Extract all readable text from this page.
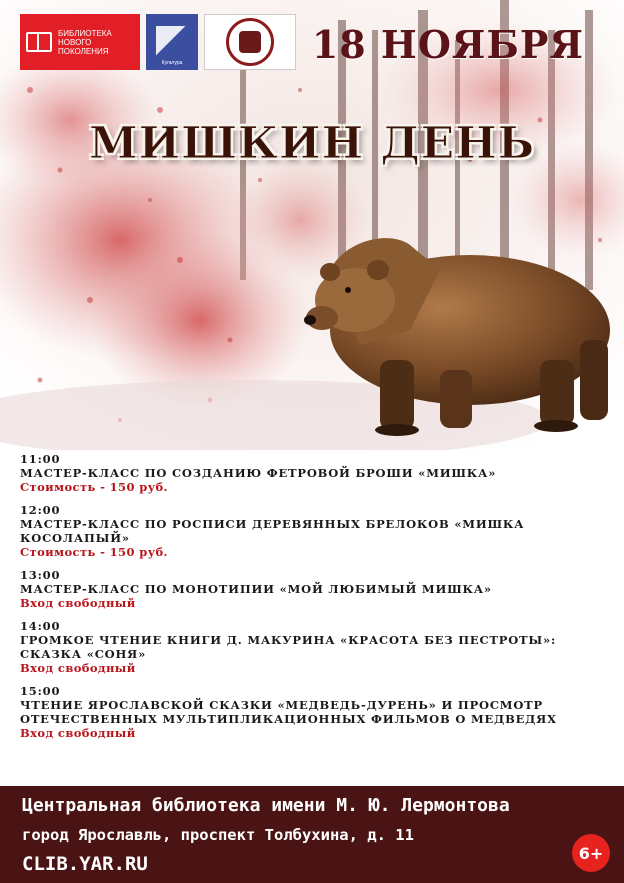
БИБЛИОТЕКА НОВОГО ПОКОЛЕНИЯ
Культура	18 НОЯБРЯ
МИШКИН ДЕНЬ
11:00
МАСТЕР-КЛАСС ПО СОЗДАНИЮ ФЕТРОВОЙ БРОШИ «МИШКА»
Стоимость - 150 руб.
12:00
МАСТЕР-КЛАСС ПО РОСПИСИ ДЕРЕВЯННЫХ БРЕЛОКОВ «МИШКА КОСОЛАПЫЙ»
Стоимость - 150 руб.
13:00
МАСТЕР-КЛАСС ПО МОНОТИПИИ «МОЙ ЛЮБИМЫЙ МИШКА»
Вход свободный
14:00
ГРОМКОЕ ЧТЕНИЕ КНИГИ Д. МАКУРИНА «КРАСОТА БЕЗ ПЕСТРОТЫ»: СКАЗКА «СОНЯ»
Вход свободный
15:00
ЧТЕНИЕ ЯРОСЛАВСКОЙ СКАЗКИ «МЕДВЕДЬ-ДУРЕНЬ» И ПРОСМОТР ОТЕЧЕСТВЕННЫХ МУЛЬТИПЛИКАЦИОННЫХ ФИЛЬМОВ О МЕДВЕДЯХ
Вход свободный
Центральная библиотека имени М. Ю. Лермонтова
город Ярославль, проспект Толбухина, д. 11
CLIB.YAR.RU	6+
